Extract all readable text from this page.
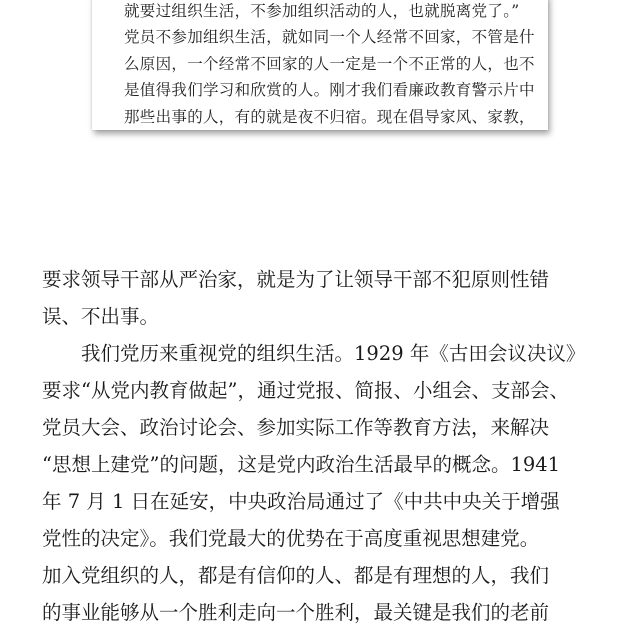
就要过组织生活，不参加组织活动的人，也就脱离党了。”
党员不参加组织生活，就如同一个人经常不回家，不管是什
么原因，一个经常不回家的人一定是一个不正常的人，也不
是值得我们学习和欣赏的人。刚才我们看廉政教育警示片中
那些出事的人，有的就是夜不归宿。现在倡导家风、家教，
要求领导干部从严治家，就是为了让领导干部不犯原则性错
误、不出事。
　　我们党历来重视党的组织生活。1929 年《古田会议决议》
要求“从党内教育做起”，通过党报、简报、小组会、支部会、
党员大会、政治讨论会、参加实际工作等教育方法，来解决
“思想上建党”的问题，这是党内政治生活最早的概念。1941
年 7 月 1 日在延安，中央政治局通过了《中共中央关于增强
党性的决定》。我们党最大的优势在于高度重视思想建党。
加入党组织的人，都是有信仰的人、都是有理想的人，我们
的事业能够从一个胜利走向一个胜利，最关键是我们的老前
